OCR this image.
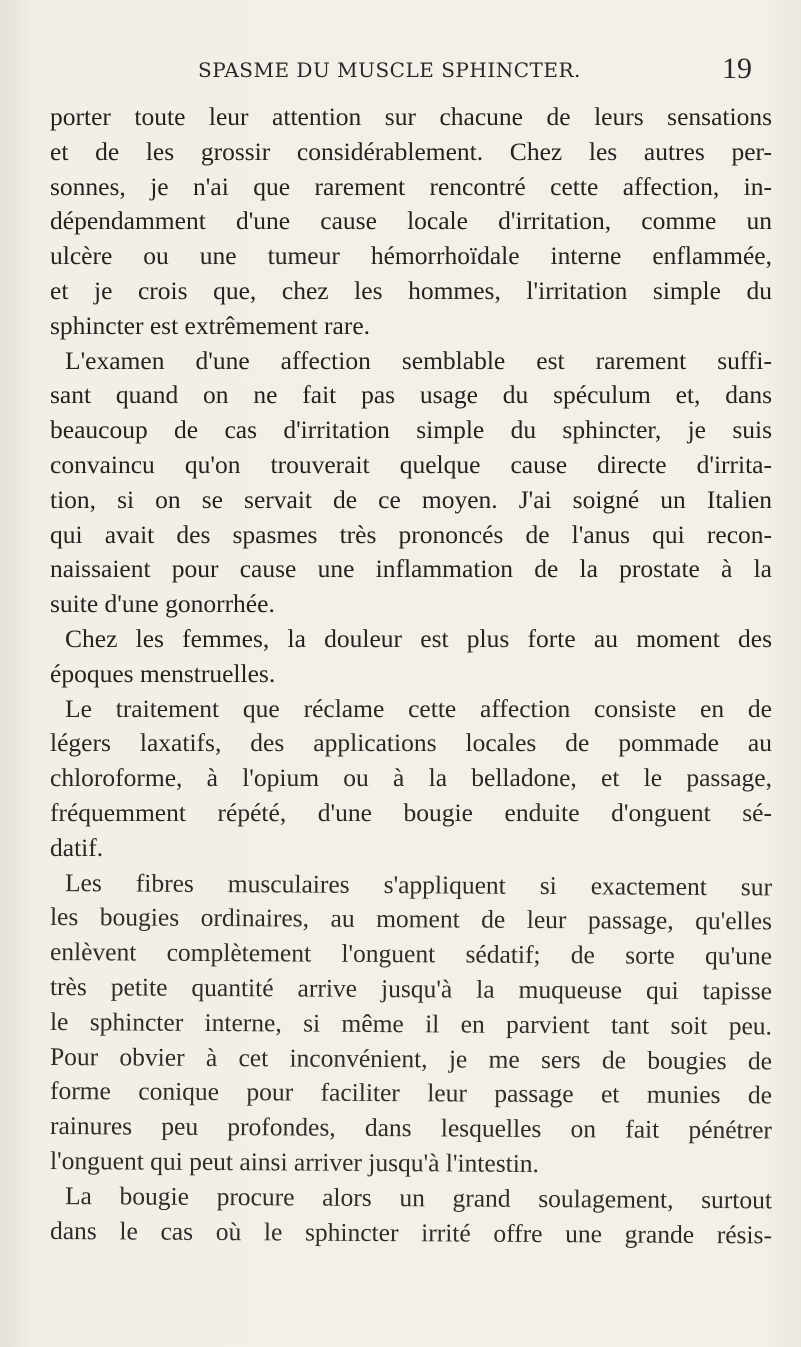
SPASME DU MUSCLE SPHINCTER.	19
porter toute leur attention sur chacune de leurs sensations
et de les grossir considérablement. Chez les autres per-
sonnes, je n'ai que rarement rencontré cette affection, in-
dépendamment d'une cause locale d'irritation, comme un
ulcère ou une tumeur hémorrhoïdale interne enflammée,
et je crois que, chez les hommes, l'irritation simple du
sphincter est extrêmement rare.
L'examen d'une affection semblable est rarement suffi-
sant quand on ne fait pas usage du spéculum et, dans
beaucoup de cas d'irritation simple du sphincter, je suis
convaincu qu'on trouverait quelque cause directe d'irrita-
tion, si on se servait de ce moyen. J'ai soigné un Italien
qui avait des spasmes très prononcés de l'anus qui recon-
naissaient pour cause une inflammation de la prostate à la
suite d'une gonorrhée.
Chez les femmes, la douleur est plus forte au moment des
époques menstruelles.
Le traitement que réclame cette affection consiste en de
légers laxatifs, des applications locales de pommade au
chloroforme, à l'opium ou à la belladone, et le passage,
fréquemment répété, d'une bougie enduite d'onguent sé-
datif.
Les fibres musculaires s'appliquent si exactement sur
les bougies ordinaires, au moment de leur passage, qu'elles
enlèvent complètement l'onguent sédatif; de sorte qu'une
très petite quantité arrive jusqu'à la muqueuse qui tapisse
le sphincter interne, si même il en parvient tant soit peu.
Pour obvier à cet inconvénient, je me sers de bougies de
forme conique pour faciliter leur passage et munies de
rainures peu profondes, dans lesquelles on fait pénétrer
l'onguent qui peut ainsi arriver jusqu'à l'intestin.
La bougie procure alors un grand soulagement, surtout
dans le cas où le sphincter irrité offre une grande résis-
